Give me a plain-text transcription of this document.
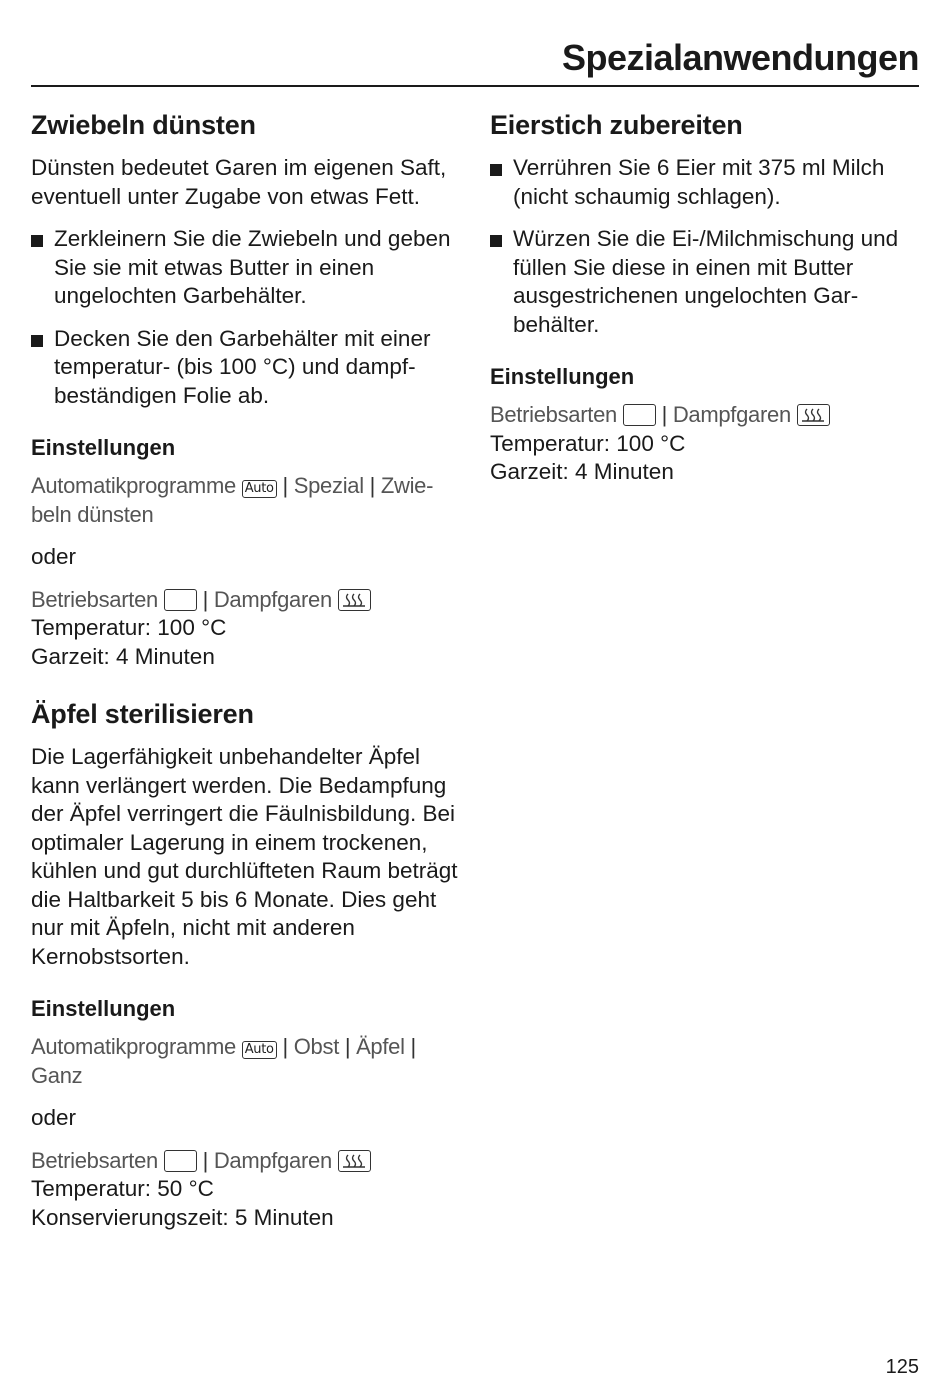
Spezialanwendungen
Zwiebeln dünsten

Dünsten bedeutet Garen im eigenen Saft, eventuell unter Zugabe von etwas Fett.

Zerkleinern Sie die Zwiebeln und geben Sie sie mit etwas Butter in einen ungelochten Garbehälter.
Decken Sie den Garbehälter mit einer temperatur- (bis 100 °C) und dampfbeständigen Folie ab.
Einstellungen
Automatikprogramme Auto | Spezial | Zwiebeln dünsten
oder
Betriebsarten | Dampfgaren
Temperatur: 100 °C
Garzeit: 4 Minuten
Äpfel sterilisieren

Die Lagerfähigkeit unbehandelter Äpfel kann verlängert werden. Die Bedampfung der Äpfel verringert die Fäulnisbildung. Bei optimaler Lagerung in einem trockenen, kühlen und gut durchlüfteten Raum beträgt die Haltbarkeit 5 bis 6 Monate. Dies geht nur mit Äpfeln, nicht mit anderen Kernobstsorten.

Einstellungen
Automatikprogramme Auto | Obst | Äpfel |
Ganz
oder
Betriebsarten | Dampfgaren
Temperatur: 50 °C
Konservierungszeit: 5 Minuten
Eierstich zubereiten
Verrühren Sie 6 Eier mit 375 ml Milch (nicht schaumig schlagen).
Würzen Sie die Ei-/Milchmischung und füllen Sie diese in einen mit Butter ausgestrichenen ungelochten Garbehälter.
Einstellungen
Betriebsarten | Dampfgaren
Temperatur: 100 °C
Garzeit: 4 Minuten
125
